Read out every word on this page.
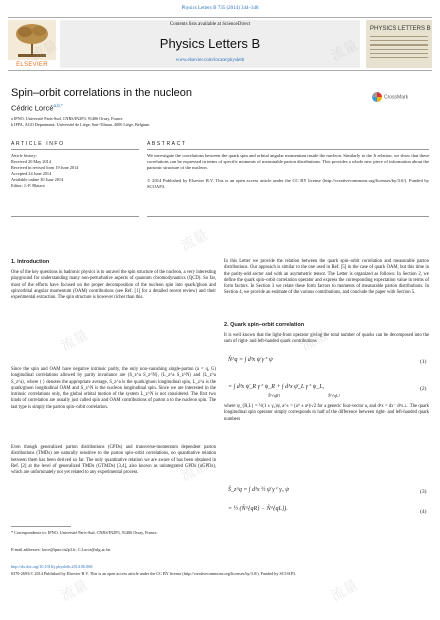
Physics Letters B 735 (2014) 344–348
ELSEVIER
Contents lists available at ScienceDirect
Physics Letters B
www.elsevier.com/locate/physletb
PHYSICS LETTERS B
Spin–orbit correlations in the nucleon
Cédric Lorcé$^{a,b,*}$
a IPNO, Université Paris-Sud, CNRS/IN2P3, 91406 Orsay, France
b IFPA, AGO Department, Université de Liège, Sart-Tilman, 4000 Liège, Belgium
CrossMark
ARTICLE INFO	ABSTRACT
Article history:
Received 20 May 2014
Received in revised form 19 June 2014
Accepted 24 June 2014
Available online 30 June 2014
Editor: J.-P. Blaizot
We investigate the correlations between the quark spin and orbital angular momentum inside the nucleon. Similarly to the Ji relation, we show that these correlations can be expressed in terms of specific moments of measurable parton distributions. This provides a whole new piece of information about the partonic structure of the nucleon.
© 2014 Published by Elsevier B.V. This is an open access article under the CC BY license (http://creativecommons.org/licenses/by/3.0/). Funded by SCOAP3.
1. Introduction
One of the key questions in hadronic physics is to unravel the spin structure of the nucleon, a very interesting playground for understanding many non-perturbative aspects of quantum chromodynamics (QCD). So far, most of the efforts have focused on the proper decomposition of the nucleon spin into quark/gluon and spin/orbital angular momentum (OAM) contributions (see Ref. [1] for a detailed recent review) and their experimental extraction. The spin structure is however richer than this.
Since the spin and OAM have negative intrinsic parity, the only non-vanishing single-parton (a = q, G) longitudinal correlations allowed by parity invariance are ⟨S_z^a S_z^N⟩, ⟨L_z^a S_z^N⟩ and ⟨L_z^a S_z^a⟩, where ⟨ ⟩ denotes the appropriate average, S_z^a is the quark/gluon longitudinal spin, L_z^a is the quark/gluon longitudinal OAM and S_z^N is the nucleon longitudinal spin. Since we are interested in the intrinsic correlations only, the global orbital motion of the system L_z^N is not considered. The first two kinds of correlation are usually just called spin and OAM contributions of parton a to the nucleon spin. The last type is simply the parton spin–orbit correlation.
Even though generalized parton distributions (GPDs) and transverse-momentum dependent parton distributions (TMDs) are naturally sensitive to the parton spin–orbit correlations, no quantitative relation between them has been derived so far. The only quantitative relation we are aware of has been obtained in Ref. [2] at the level of generalized TMDs (GTMDs) [3,4], also known as unintegrated GPDs (uGPDs), which are unfortunately not yet related to any experimental process.
In this Letter we provide the relation between the quark spin–orbit correlation and measurable parton distributions. Our approach is similar to the one used in Ref. [5] in the case of quark OAM, but this time in the parity-odd sector and with an asymmetric tensor. The Letter is organized as follows: In Section 2, we define the quark spin–orbit correlation operator and express the corresponding expectation value in terms of form factors. In Section 3 we relate these form factors to moments of measurable parton distributions. In Section 4, we provide an estimate of the various contributions, and conclude the paper with Section 5.
2. Quark spin–orbit correlation
It is well known that the light-front operator giving the total number of quarks can be decomposed into the sum of right- and left-handed quark contributions
N̂^q = ∫ d³x ψ̄ γ⁺ ψ	(1)
= ∫ d³x ψ̄_R γ⁺ ψ_R + ∫ d³x ψ̄_L γ⁺ ψ_L,	(2)
N̂^{qR}	N̂^{qL}
where ψ_{R,L} = ½(1 ± γ₅)ψ, a^± = (a⁰ ± a³)/√2 for a generic four-vector a, and d³x = dx⁻ d²x⊥. The quark longitudinal spin operator simply corresponds to half of the difference between right- and left-handed quark numbers
Ŝ_z^q = ∫ d³x ½ ψ̄ γ⁺ γ₅ ψ	(3)
= ½ (N̂^{qR} − N̂^{qL}).	(4)
* Correspondence to: IPNO, Université Paris-Sud, CNRS/IN2P3, 91406 Orsay, France.
E-mail addresses: lorce@ipno.in2p3.fr, C.Lorce@ulg.ac.be.
http://dx.doi.org/10.1016/j.physletb.2014.06.068
0370-2693/© 2014 Published by Elsevier B.V. This is an open access article under the CC BY license (http://creativecommons.org/licenses/by/3.0/). Funded by SCOAP3.
流量	流量
流量
流量	流量
流量
流量	流量
